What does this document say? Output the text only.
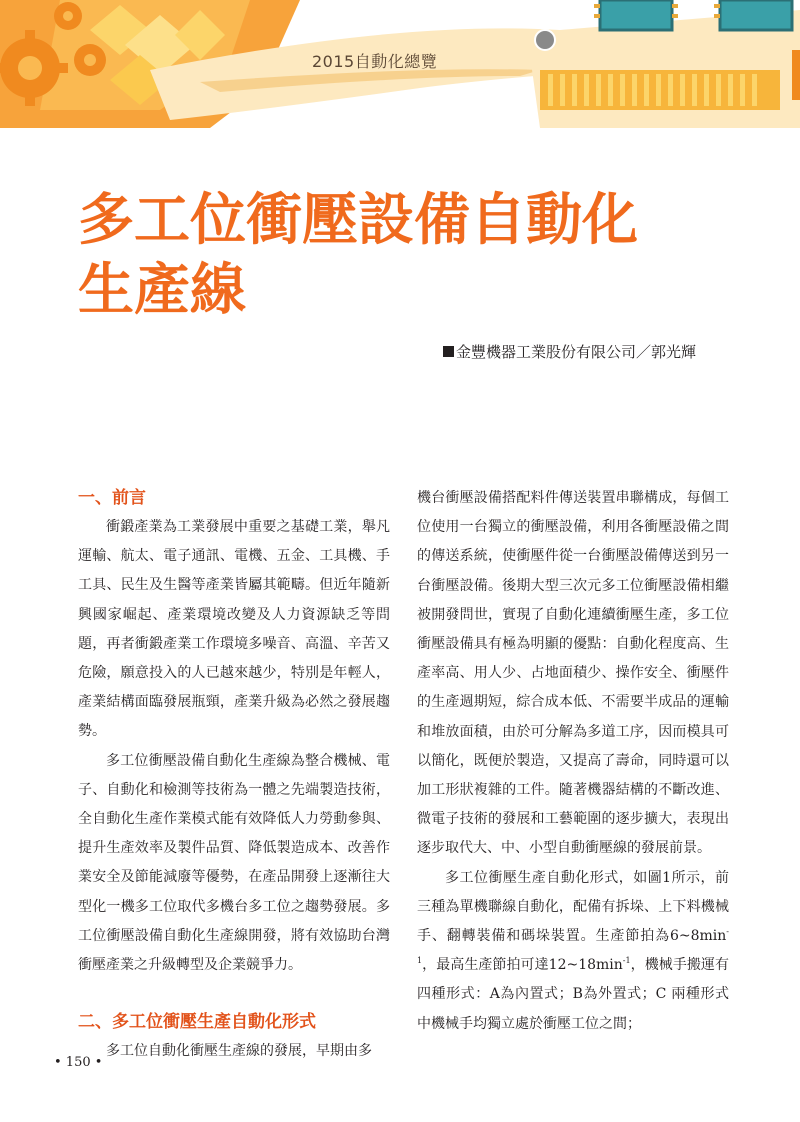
2015自動化總覽
多工位衝壓設備自動化
生產線
金豐機器工業股份有限公司／郭光輝
一、前言

衝鍛產業為工業發展中重要之基礎工業，舉凡運輸、航太、電子通訊、電機、五金、工具機、手工具、民生及生醫等產業皆屬其範疇。但近年隨新興國家崛起、產業環境改變及人力資源缺乏等問題，再者衝鍛產業工作環境多噪音、高溫、辛苦又危險，願意投入的人已越來越少，特別是年輕人，產業結構面臨發展瓶頸，產業升級為必然之發展趨勢。

多工位衝壓設備自動化生產線為整合機械、電子、自動化和檢測等技術為一體之先端製造技術，全自動化生產作業模式能有效降低人力勞動參與、提升生產效率及製件品質、降低製造成本、改善作業安全及節能減廢等優勢，在產品開發上逐漸往大型化一機多工位取代多機台多工位之趨勢發展。多工位衝壓設備自動化生產線開發，將有效協助台灣衝壓產業之升級轉型及企業競爭力。

二、多工位衝壓生產自動化形式

多工位自動化衝壓生產線的發展，早期由多

機台衝壓設備搭配料件傳送裝置串聯構成，每個工位使用一台獨立的衝壓設備，利用各衝壓設備之間的傳送系統，使衝壓件從一台衝壓設備傳送到另一台衝壓設備。後期大型三次元多工位衝壓設備相繼被開發問世，實現了自動化連續衝壓生產，多工位衝壓設備具有極為明顯的優點：自動化程度高、生產率高、用人少、占地面積少、操作安全、衝壓件的生產週期短，綜合成本低、不需要半成品的運輸和堆放面積，由於可分解為多道工序，因而模具可以簡化，既便於製造，又提高了壽命，同時還可以加工形狀複雜的工件。隨著機器結構的不斷改進、微電子技術的發展和工藝範圍的逐步擴大，表現出逐步取代大、中、小型自動衝壓線的發展前景。

多工位衝壓生產自動化形式，如圖1所示，前三種為單機聯線自動化，配備有拆垛、上下料機械手、翻轉裝備和碼垛裝置。生產節拍為$6\sim 8\min^{-1}$，最高生產節拍可達$12\sim 18\min^{-1}$，機械手搬運有四種形式：A為內置式；B為外置式；C 兩種形式中機械手均獨立處於衝壓工位之間；

• 150 •
